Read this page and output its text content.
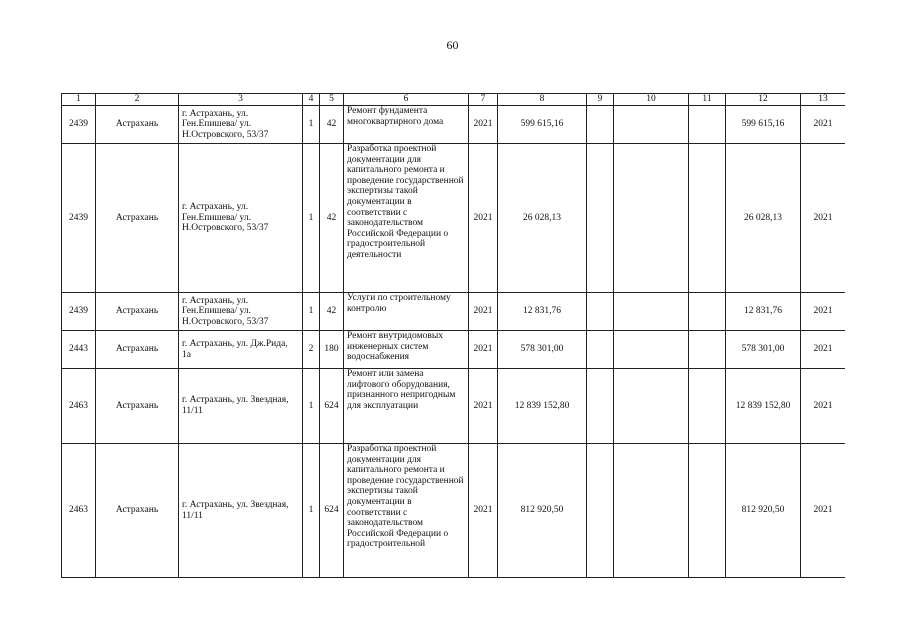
60
1	2	3	4	5	6	7	8	9	10	11	12	13
2439	Астрахань	г. Астрахань, ул. Ген.Епишева/ ул. Н.Островского, 53/37	1	42	Ремонт фундамента многоквартирного дома	2021	599 615,16				599 615,16	2021
2439	Астрахань	г. Астрахань, ул. Ген.Епишева/ ул. Н.Островского, 53/37	1	42	Разработка проектной документации для капитального ремонта и проведение государственной экспертизы такой документации в соответствии с законодательством Российской Федерации о градостроительной деятельности	2021	26 028,13				26 028,13	2021
2439	Астрахань	г. Астрахань, ул. Ген.Епишева/ ул. Н.Островского, 53/37	1	42	Услуги по строительному контролю	2021	12 831,76				12 831,76	2021
2443	Астрахань	г. Астрахань, ул. Дж.Рида, 1а	2	180	Ремонт внутридомовых инженерных систем водоснабжения	2021	578 301,00				578 301,00	2021
2463	Астрахань	г. Астрахань, ул. Звездная, 11/11	1	624	Ремонт или замена лифтового оборудования, признанного непригодным для эксплуатации	2021	12 839 152,80				12 839 152,80	2021
2463	Астрахань	г. Астрахань, ул. Звездная, 11/11	1	624	Разработка проектной документации для капитального ремонта и проведение государственной экспертизы такой документации в соответствии с законодательством Российской Федерации о градостроительной	2021	812 920,50				812 920,50	2021
